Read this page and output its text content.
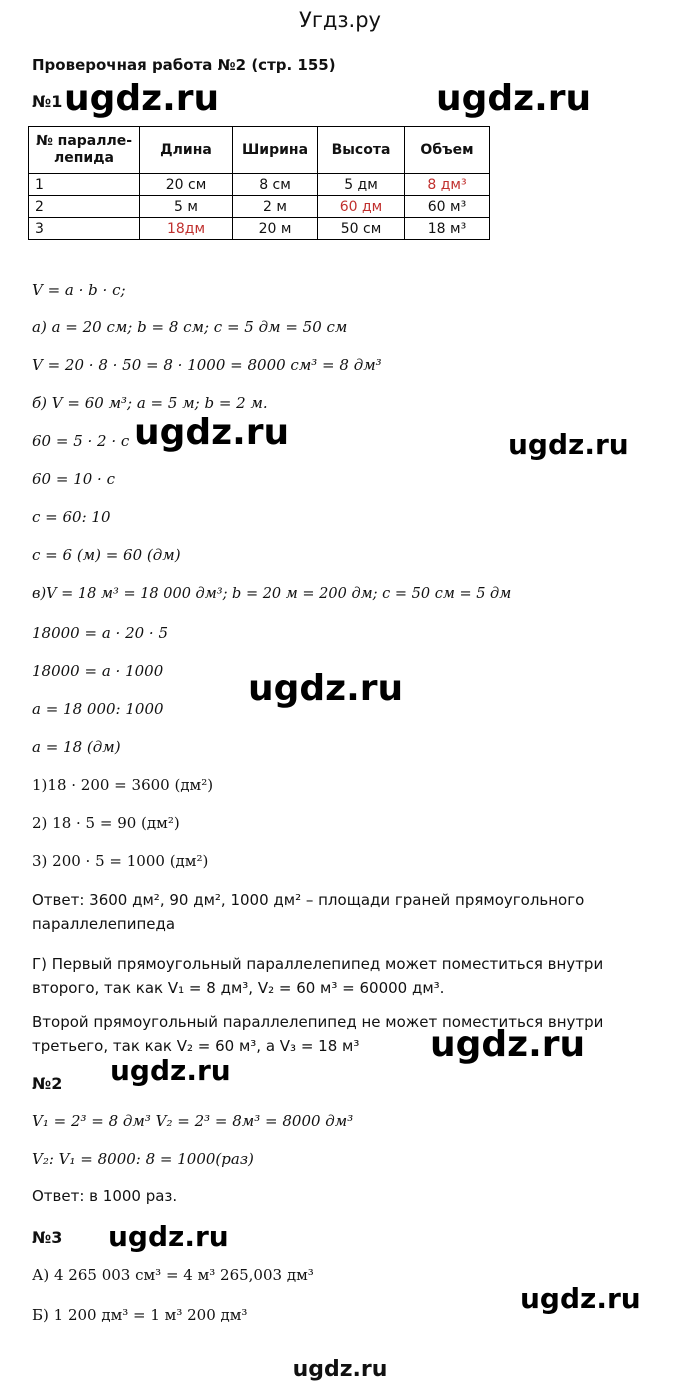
Угдз.ру
Проверочная работа №2 (стр. 155)
№1 ugdz.ru	ugdz.ru
№ паралле-лепида	Длина	Ширина	Высота	Объем
1	20 см	8 см	5 дм	8 дм³
2	5 м	2 м	60 дм	60 м³
3	18дм	20 м	50 см	18 м³
V = a · b · c;
а) a = 20 см; b = 8 см; c = 5 дм = 50 см
V = 20 · 8 · 50 = 8 · 1000 = 8000 см³ = 8 дм³
б) V = 60 м³; a = 5 м; b = 2 м.
60 = 5 · 2 · c ugdz.ru	ugdz.ru
60 = 10 · c
c = 60: 10
c = 6 (м) = 60 (дм)
в)V = 18 м³ = 18 000 дм³; b = 20 м = 200 дм; c = 50 см = 5 дм
18000 = a · 20 · 5
18000 = a · 1000 ugdz.ru
a = 18 000: 1000
a = 18 (дм)
1)18 · 200 = 3600 (дм²)
2) 18 · 5 = 90 (дм²)
3) 200 · 5 = 1000 (дм²)
Ответ: 3600 дм², 90 дм², 1000 дм² – площади граней прямоугольного
параллелепипеда
Г) Первый прямоугольный параллелепипед может поместиться внутри
второго, так как V₁ = 8 дм³, V₂ = 60 м³ = 60000 дм³.
Второй прямоугольный параллелепипед не может поместиться внутри
третьего, так как V₂ = 60 м³, а V₃ = 18 м³ ugdz.ru
№2 ugdz.ru
V₁ = 2³ = 8 дм³ V₂ = 2³ = 8м³ = 8000 дм³
V₂: V₁ = 8000: 8 = 1000(раз)
Ответ: в 1000 раз.
№3 ugdz.ru
А) 4 265 003 см³ = 4 м³ 265,003 дм³
ugdz.ru
Б) 1 200 дм³ = 1 м³ 200 дм³
ugdz.ru
